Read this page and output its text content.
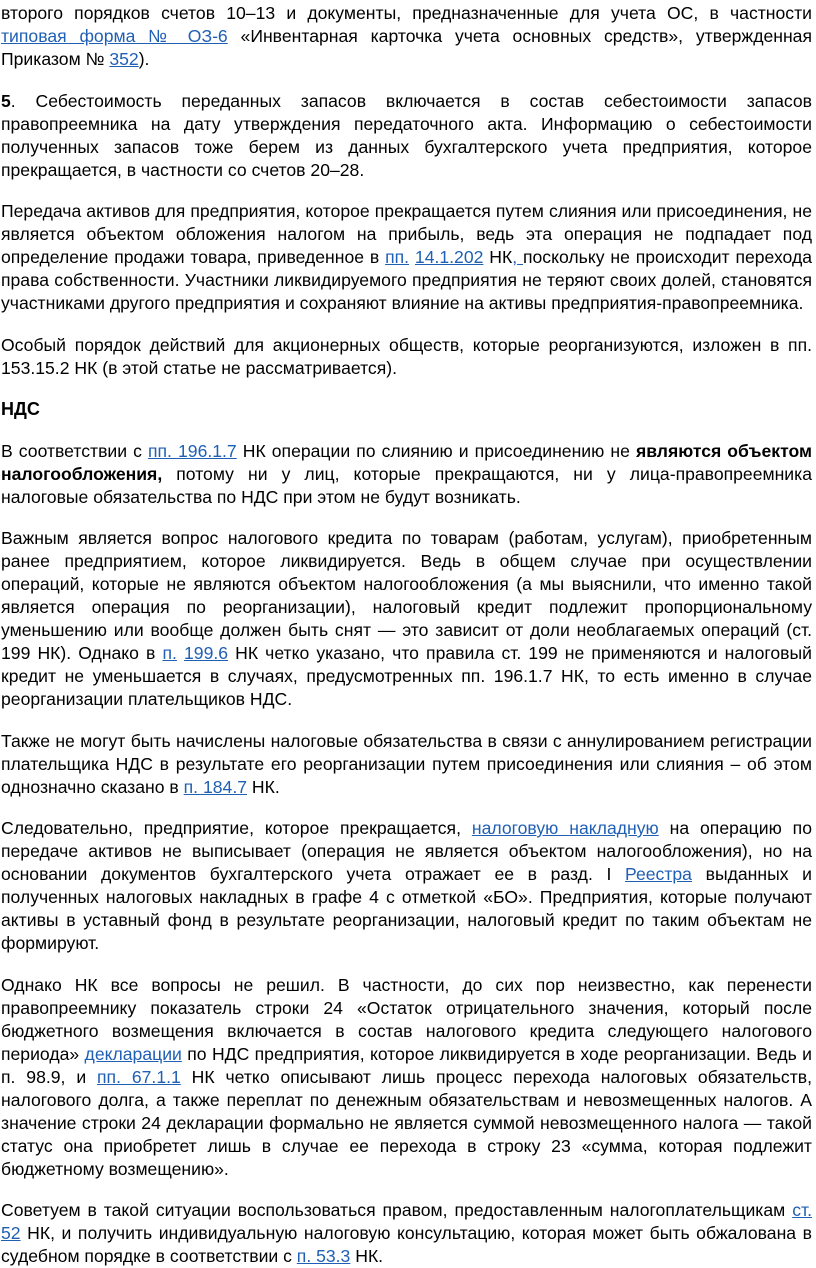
второго порядков счетов 10–13 и документы, предназначенные для учета ОС, в частности типовая форма № ОЗ-6 «Инвентарная карточка учета основных средств», утвержденная Приказом № 352).

5. Себестоимость переданных запасов включается в состав себестоимости запасов правопреемника на дату утверждения передаточного акта. Информацию о себестоимости полученных запасов тоже берем из данных бухгалтерского учета предприятия, которое прекращается, в частности со счетов 20–28.

Передача активов для предприятия, которое прекращается путем слияния или присоединения, не является объектом обложения налогом на прибыль, ведь эта операция не подпадает под определение продажи товара, приведенное в пп. 14.1.202 НК, поскольку не происходит перехода права собственности. Участники ликвидируемого предприятия не теряют своих долей, становятся участниками другого предприятия и сохраняют влияние на активы предприятия-правопреемника.

Особый порядок действий для акционерных обществ, которые реорганизуются, изложен в пп. 153.15.2 НК (в этой статье не рассматривается).

НДС

В соответствии с пп. 196.1.7 НК операции по слиянию и присоединению не являются объектом налогообложения, потому ни у лиц, которые прекращаются, ни у лица-правопреемника налоговые обязательства по НДС при этом не будут возникать.

Важным является вопрос налогового кредита по товарам (работам, услугам), приобретенным ранее предприятием, которое ликвидируется. Ведь в общем случае при осуществлении операций, которые не являются объектом налогообложения (а мы выяснили, что именно такой является операция по реорганизации), налоговый кредит подлежит пропорциональному уменьшению или вообще должен быть снят — это зависит от доли необлагаемых операций (ст. 199 НК). Однако в п. 199.6 НК четко указано, что правила ст. 199 не применяются и налоговый кредит не уменьшается в случаях, предусмотренных пп. 196.1.7 НК, то есть именно в случае реорганизации плательщиков НДС.

Также не могут быть начислены налоговые обязательства в связи с аннулированием регистрации плательщика НДС в результате его реорганизации путем присоединения или слияния – об этом однозначно сказано в п. 184.7 НК.

Следовательно, предприятие, которое прекращается, налоговую накладную на операцию по передаче активов не выписывает (операция не является объектом налогообложения), но на основании документов бухгалтерского учета отражает ее в разд. I Реестра выданных и полученных налоговых накладных в графе 4 с отметкой «БО». Предприятия, которые получают активы в уставный фонд в результате реорганизации, налоговый кредит по таким объектам не формируют.

Однако НК все вопросы не решил. В частности, до сих пор неизвестно, как перенести правопреемнику показатель строки 24 «Остаток отрицательного значения, который после бюджетного возмещения включается в состав налогового кредита следующего налогового периода» декларации по НДС предприятия, которое ликвидируется в ходе реорганизации. Ведь и п. 98.9, и пп. 67.1.1 НК четко описывают лишь процесс перехода налоговых обязательств, налогового долга, а также переплат по денежным обязательствам и невозмещенных налогов. А значение строки 24 декларации формально не является суммой невозмещенного налога — такой статус она приобретет лишь в случае ее перехода в строку 23 «сумма, которая подлежит бюджетному возмещению».

Советуем в такой ситуации воспользоваться правом, предоставленным налогоплательщикам ст. 52 НК, и получить индивидуальную налоговую консультацию, которая может быть обжалована в судебном порядке в соответствии с п. 53.3 НК.
